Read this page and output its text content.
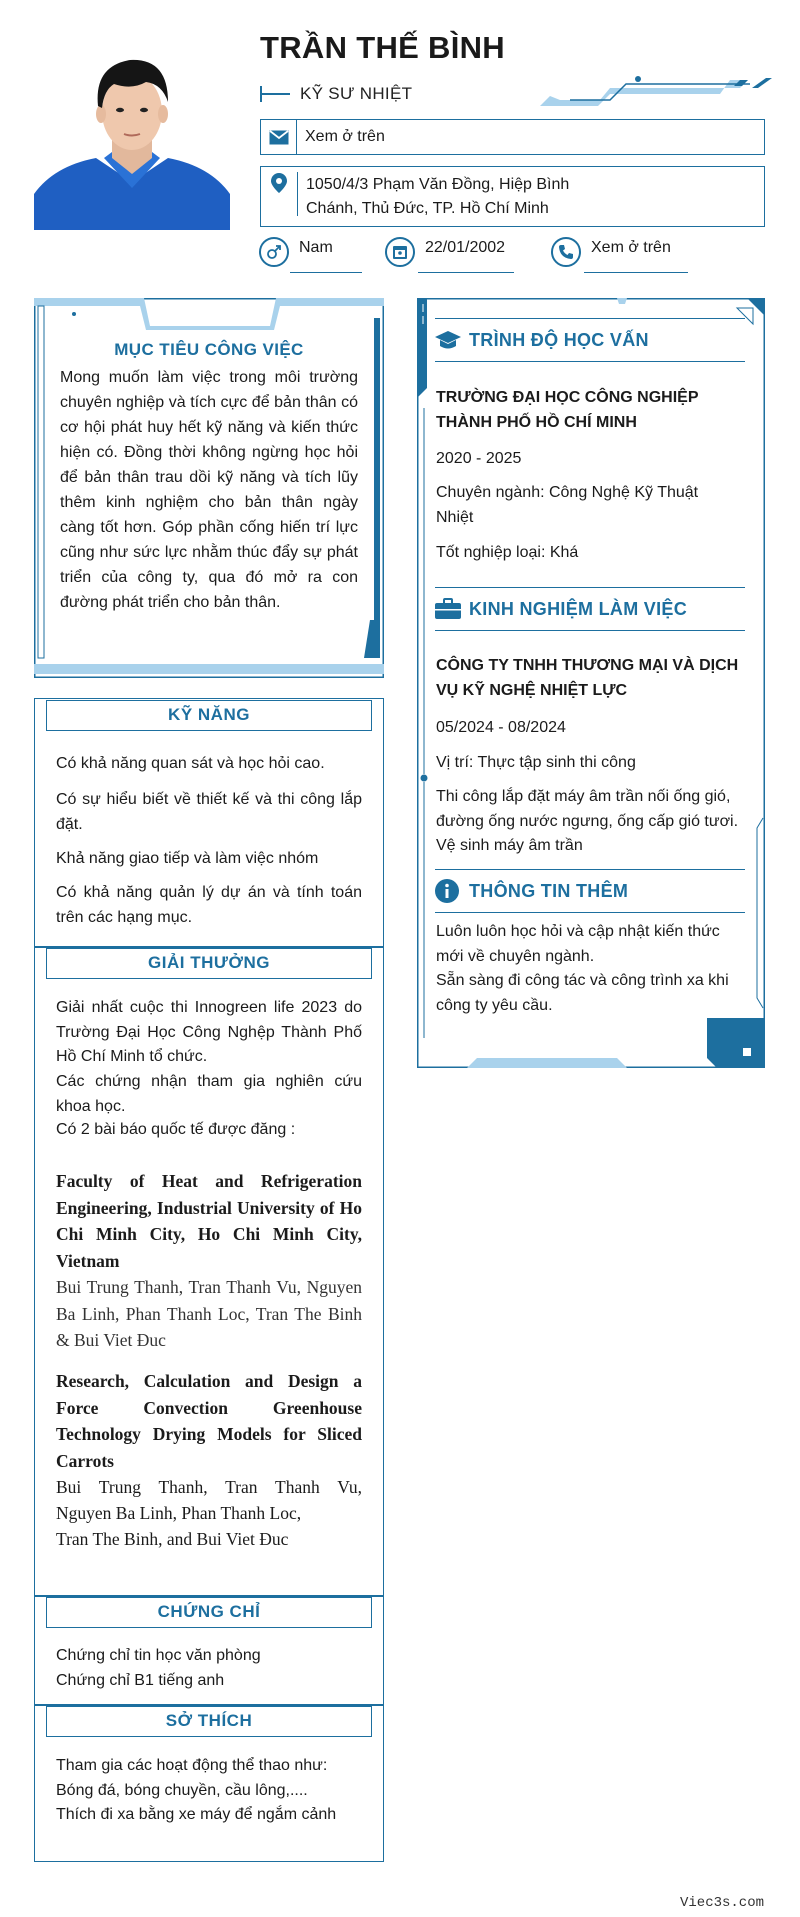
TRẦN THẾ BÌNH
KỸ SƯ NHIỆT
Xem ở trên
1050/4/3 Phạm Văn Đồng, Hiệp Bình
Chánh, Thủ Đức, TP. Hồ Chí Minh
Nam	22/01/2002	Xem ở trên
MỤC TIÊU CÔNG VIỆC
Mong muốn làm việc trong môi trường chuyên nghiệp và tích cực để bản thân có cơ hội phát huy hết kỹ năng và kiến thức hiện có. Đồng thời không ngừng học hỏi để bản thân trau dồi kỹ năng và tích lũy thêm kinh nghiệm cho bản thân ngày càng tốt hơn. Góp phần cống hiến trí lực cũng như sức lực nhằm thúc đẩy sự phát triển của công ty, qua đó mở ra con đường phát triển cho bản thân.
KỸ NĂNG
Có khả năng quan sát và học hỏi cao.
Có sự hiểu biết về thiết kế và thi công lắp đặt.
Khả năng giao tiếp và làm việc nhóm
Có khả năng quản lý dự án và tính toán trên các hạng mục.
GIẢI THƯỞNG
Giải nhất cuộc thi Innogreen life 2023 do Trường Đại Học Công Nghệp Thành Phố Hồ Chí Minh tổ chức.
Các chứng nhận tham gia nghiên cứu khoa học.
Có 2 bài báo quốc tế được đăng :
Faculty of Heat and Refrigeration Engineering, Industrial University of Ho Chi Minh City, Ho Chi Minh City, Vietnam
Bui Trung Thanh, Tran Thanh Vu, Nguyen Ba Linh, Phan Thanh Loc, Tran The Binh & Bui Viet Đuc
Research, Calculation and Design a Force Convection Greenhouse Technology Drying Models for Sliced Carrots
Bui Trung Thanh, Tran Thanh Vu,
Nguyen Ba Linh, Phan Thanh Loc,
Tran The Binh, and Bui Viet Đuc
CHỨNG CHỈ
Chứng chỉ tin học văn phòng
Chứng chỉ B1 tiếng anh
SỞ THÍCH
Tham gia các hoạt động thể thao như:
Bóng đá, bóng chuyền, cầu lông,....
Thích đi xa bằng xe máy để ngắm cảnh
TRÌNH ĐỘ HỌC VẤN
TRƯỜNG ĐẠI HỌC CÔNG NGHIỆP THÀNH PHỐ HỒ CHÍ MINH
2020 - 2025
Chuyên ngành: Công Nghệ Kỹ Thuật Nhiệt
Tốt nghiệp loại: Khá
KINH NGHIỆM LÀM VIỆC
CÔNG TY TNHH THƯƠNG MẠI VÀ DỊCH VỤ KỸ NGHỆ NHIỆT LỰC
05/2024 - 08/2024
Vị trí: Thực tập sinh thi công
Thi công lắp đặt máy âm trần nối ống gió, đường ống nước ngưng, ống cấp gió tươi. Vệ sinh máy âm trần
THÔNG TIN THÊM
Luôn luôn học hỏi và cập nhật kiến thức mới về chuyên ngành.
Sẵn sàng đi công tác và công trình xa khi công ty yêu cầu.
Viec3s.com
